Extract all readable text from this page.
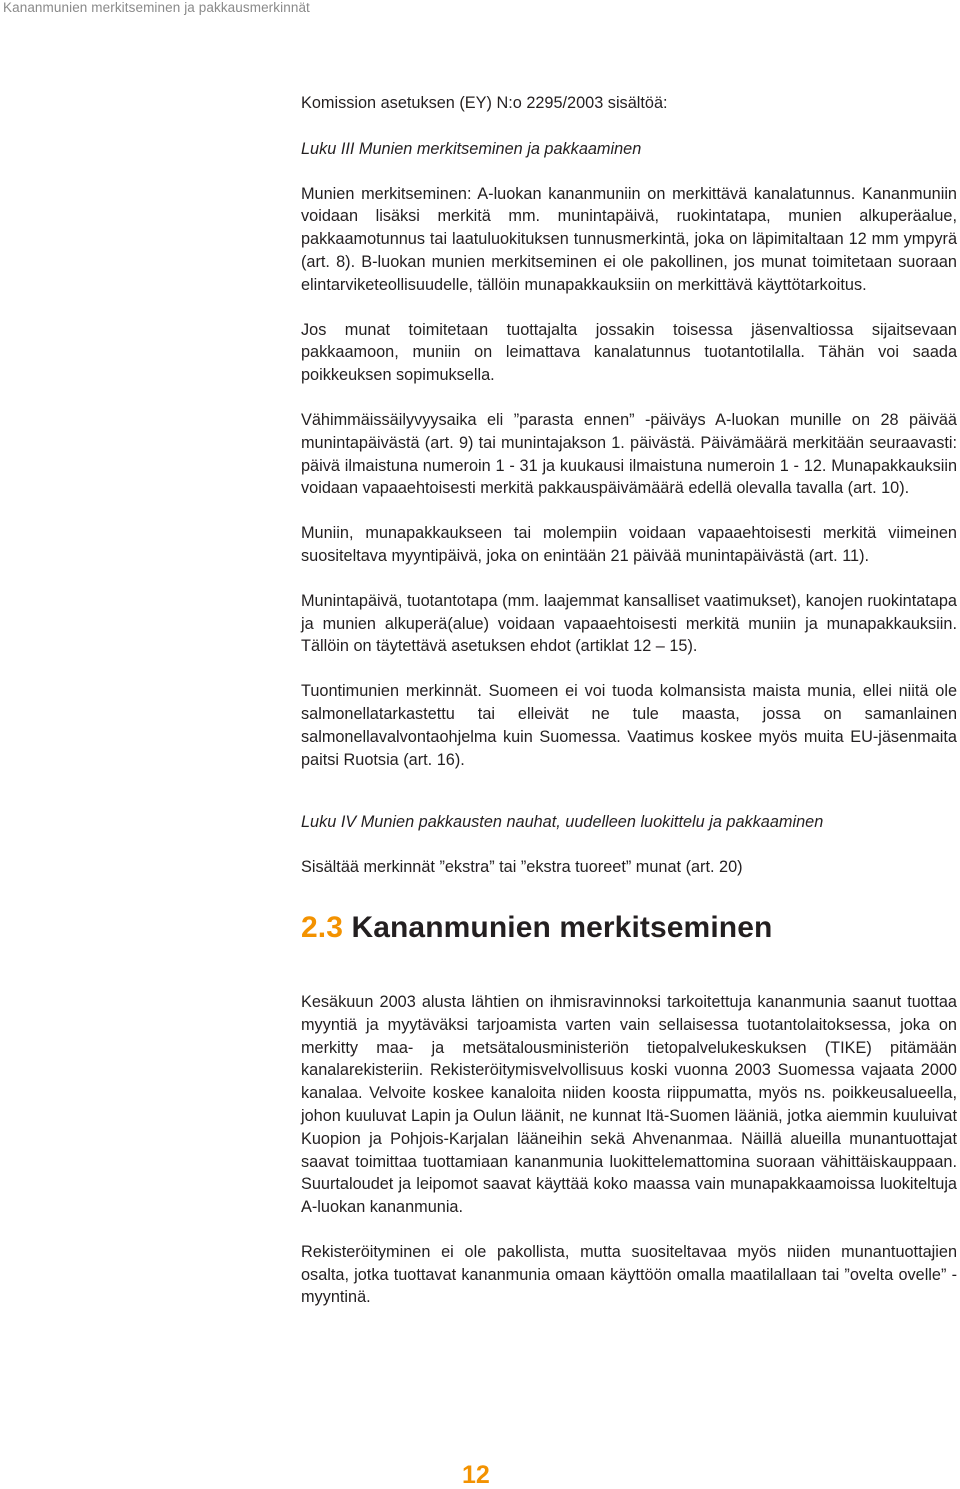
Kananmunien merkitseminen ja pakkausmerkinnät

Komission asetuksen (EY) N:o 2295/2003 sisältöä:

Luku III Munien merkitseminen ja pakkaaminen

Munien merkitseminen: A-luokan kananmuniin on merkittävä kanalatunnus. Kananmuniin voidaan lisäksi merkitä mm. munintapäivä, ruokintatapa, munien alkuperäalue, pakkaamotunnus tai laatuluokituksen tunnusmerkintä, joka on läpimitaltaan 12 mm ympyrä (art. 8). B-luokan munien merkitseminen ei ole pakollinen, jos munat toimitetaan suoraan elintarviketeollisuudelle, tällöin munapakkauksiin on merkittävä käyttötarkoitus.

Jos munat toimitetaan tuottajalta jossakin toisessa jäsenvaltiossa sijaitsevaan pakkaamoon, muniin on leimattava kanalatunnus tuotantotilalla. Tähän voi saada poikkeuksen sopimuksella.

Vähimmäissäilyvyysaika eli ”parasta ennen” -päiväys A-luokan munille on 28 päivää munintapäivästä (art. 9) tai munintajakson 1. päivästä. Päivämäärä merkitään seuraavasti: päivä ilmaistuna numeroin 1 - 31 ja kuukausi ilmaistuna numeroin 1 - 12. Munapakkauksiin voidaan vapaaehtoisesti merkitä pakkauspäivämäärä edellä olevalla tavalla (art. 10).

Muniin, munapakkaukseen tai molempiin voidaan vapaaehtoisesti merkitä viimeinen suositeltava myyntipäivä, joka on enintään 21 päivää munintapäivästä (art. 11).

Munintapäivä, tuotantotapa (mm. laajemmat kansalliset vaatimukset), kanojen ruokintatapa ja munien alkuperä(alue) voidaan vapaaehtoisesti merkitä muniin ja munapakkauksiin. Tällöin on täytettävä asetuksen ehdot (artiklat 12 – 15).

Tuontimunien merkinnät. Suomeen ei voi tuoda kolmansista maista munia, ellei niitä ole salmonellatarkastettu tai elleivät ne tule maasta, jossa on samanlainen salmonellavalvontaohjelma kuin Suomessa. Vaatimus koskee myös muita EU-jäsenmaita paitsi Ruotsia (art. 16).

Luku IV Munien pakkausten nauhat, uudelleen luokittelu ja pakkaaminen

Sisältää merkinnät ”ekstra” tai ”ekstra tuoreet” munat (art. 20)

2.3 Kananmunien merkitseminen

Kesäkuun 2003 alusta lähtien on ihmisravinnoksi tarkoitettuja kananmunia saanut tuottaa myyntiä ja myytäväksi tarjoamista varten vain sellaisessa tuotantolaitoksessa, joka on merkitty maa- ja metsätalousministeriön tietopalvelukeskuksen (TIKE) pitämään kanalarekisteriin. Rekisteröitymisvelvollisuus koski vuonna 2003 Suomessa vajaata 2000 kanalaa. Velvoite koskee kanaloita niiden koosta riippumatta, myös ns. poikkeusalueella, johon kuuluvat Lapin ja Oulun läänit, ne kunnat Itä-Suomen lääniä, jotka aiemmin kuuluivat Kuopion ja Pohjois-Karjalan lääneihin sekä Ahvenanmaa. Näillä alueilla munantuottajat saavat toimittaa tuottamiaan kananmunia luokittelemattomina suoraan vähittäiskauppaan. Suurtaloudet ja leipomot saavat käyttää koko maassa vain munapakkaamoissa luokiteltuja A-luokan kananmunia.

Rekisteröityminen ei ole pakollista, mutta suositeltavaa myös niiden munantuottajien osalta, jotka tuottavat kananmunia omaan käyttöön omalla maatilallaan tai ”ovelta ovelle” -myyntinä.

12
